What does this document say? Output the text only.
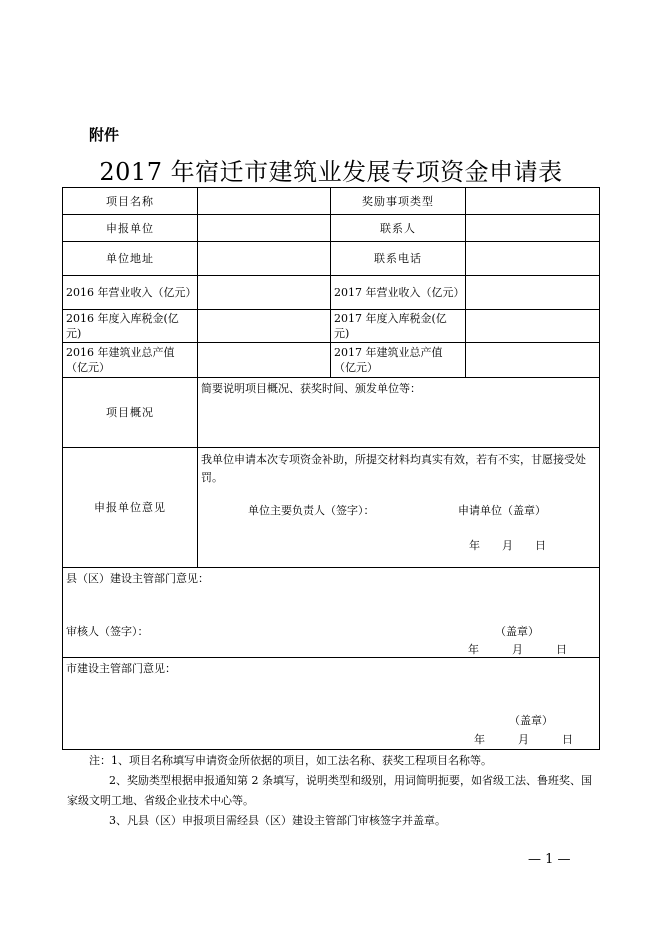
附件
2017 年宿迁市建筑业发展专项资金申请表
项目名称		奖励事项类型	
申报单位		联系人	
单位地址		联系电话	
2016 年营业收入（亿元）		2017 年营业收入（亿元）	
2016 年度入库税金(亿元)		2017 年度入库税金(亿元)	
2016 年建筑业总产值（亿元）		2017 年建筑业总产值（亿元）	
项目概况	简要说明项目概况、获奖时间、颁发单位等：		

申报单位意见	我单位申请本次专项资金补助，所提交材料均真实有效，若有不实，甘愿接受处罚。
单位主要负责人（签字）： 申请单位（盖章）
年　　月　　日		

县（区）建设主管部门意见：
审核人（签字）： （盖章）
年　　　月　　　日			

市建设主管部门意见：
（盖章）
年　　　月　　　日			

注：1、项目名称填写申请资金所依据的项目，如工法名称、获奖工程项目名称等。

2、奖励类型根据申报通知第 2 条填写，说明类型和级别，用词简明扼要，如省级工法、鲁班奖、国家级文明工地、省级企业技术中心等。

3、凡县（区）申报项目需经县（区）建设主管部门审核签字并盖章。

— 1 —
